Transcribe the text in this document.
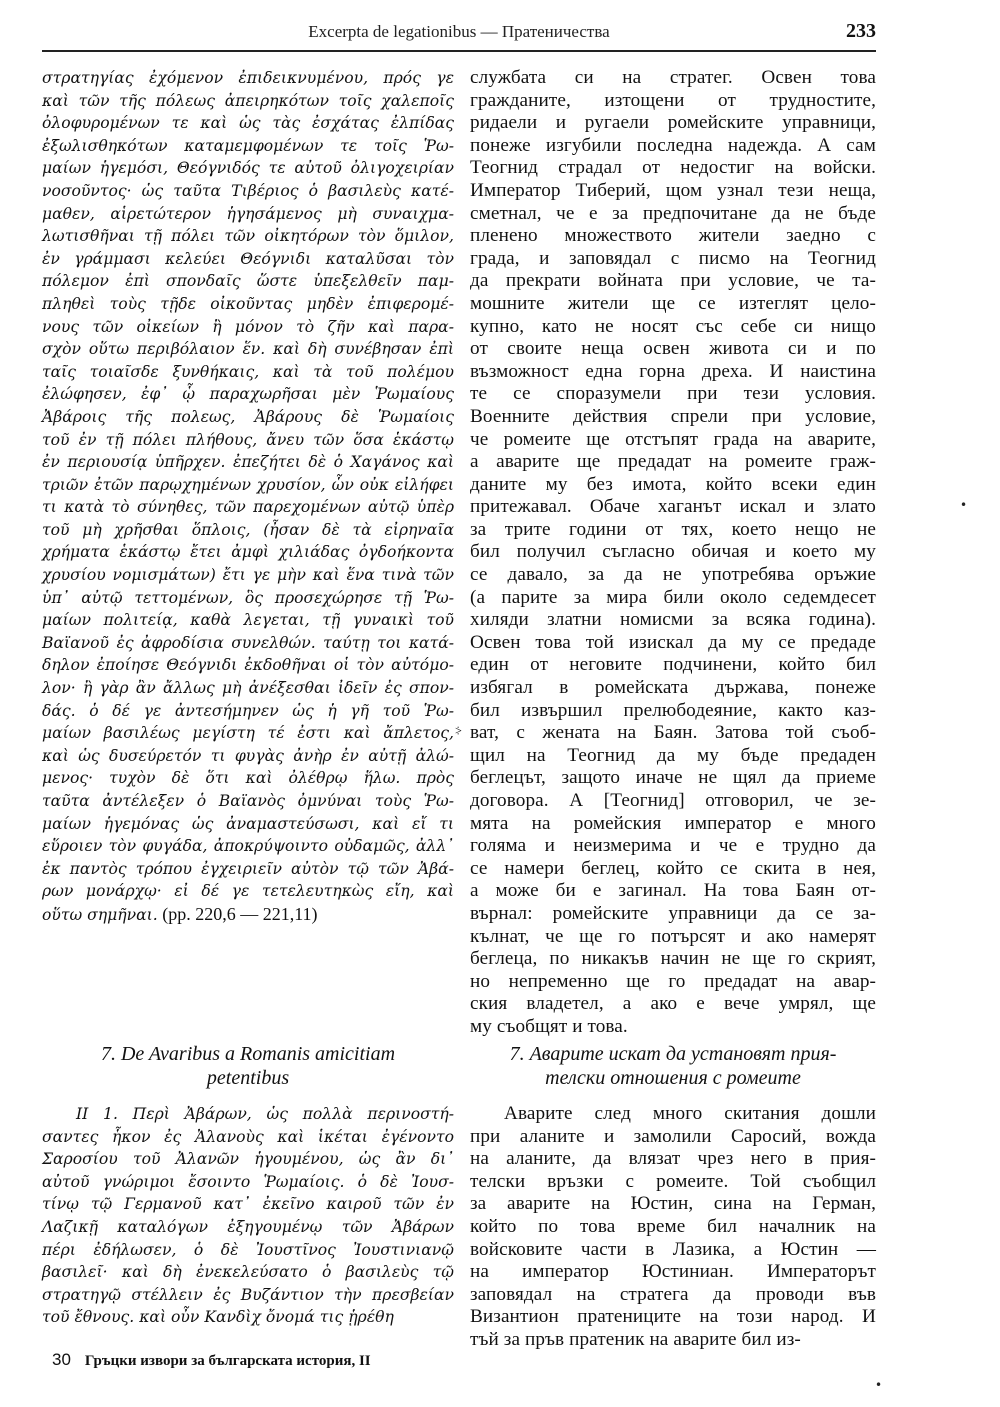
Excerpta de legationibus — Пратеничества	233

στρατηγίας ἐχόμενον ἐπιδεικνυμένου, πρός γε
καὶ τῶν τῆς πόλεως ἀπειρηκότων τοῖς χαλεποῖς
ὀλοφυρομένων τε καὶ ὡς τὰς ἐσχάτας ἐλπίδας
ἐξωλισθηκότων καταμεμφομένων τε τοῖς Ῥω-
μαίων ἡγεμόσι, Θεόγνιδός τε αὐτοῦ ὀλιγοχειρίαν
νοσοῦντος· ὡς ταῦτα Τιβέριος ὁ βασιλεὺς κατέ-
μαθεν, αἱρετώτερον ἡγησάμενος μὴ συναιχμα-
λωτισθῆναι τῇ πόλει τῶν οἰκητόρων τὸν ὅμιλον,
ἐν γράμμασι κελεύει Θεόγνιδι καταλῦσαι τὸν
πόλεμον ἐπὶ σπονδαῖς ὥστε ὑπεξελθεῖν παμ-
πληθεὶ τοὺς τῇδε οἰκοῦντας μηδὲν ἐπιφερομέ-
νους τῶν οἰκείων ἢ μόνον τὸ ζῆν καὶ παρα-
σχὸν οὕτω περιβόλαιον ἕν. καὶ δὴ συνέβησαν ἐπὶ
ταῖς τοιαῖσδε ξυνθήκαις, καὶ τὰ τοῦ πολέμου
ἐλώφησεν, ἐφ᾽ ᾧ παραχωρῆσαι μὲν Ῥωμαίους
Ἀβάροις τῆς πολεως, Ἀβάρους δὲ Ῥωμαίοις
τοῦ ἐν τῇ πόλει πλήθους, ἄνευ τῶν ὅσα ἑκάστῳ
ἐν περιουσίᾳ ὑπῆρχεν. ἐπεζήτει δὲ ὁ Χαγάνος καὶ
τριῶν ἐτῶν παρῳχημένων χρυσίον, ὧν οὐκ εἰλήφει
τι κατὰ τὸ σύνηθες, τῶν παρεχομένων αὐτῷ ὑπὲρ
τοῦ μὴ χρῆσθαι ὅπλοις, (ἦσαν δὲ τὰ εἰρηναῖα
χρήματα ἑκάστῳ ἔτει ἀμφὶ χιλιάδας ὀγδοήκοντα
χρυσίου νομισμάτων) ἔτι γε μὴν καὶ ἕνα τινὰ τῶν
ὑπ᾽ αὐτῷ τεττομένων, ὃς προσεχώρησε τῇ Ῥω-
μαίων πολιτείᾳ, καθὰ λεγεται, τῇ γυναικὶ τοῦ
Βαϊανοῦ ἐς ἀφροδίσια συνελθών. ταύτῃ τοι κατά-
δηλον ἐποίησε Θεόγνιδι ἐκδοθῆναι οἱ τὸν αὐτόμο-
λον· ἢ γὰρ ἂν ἄλλως μὴ ἀνέξεσθαι ἰδεῖν ἐς σπον-
δάς. ὁ δέ γε ἀντεσήμηνεν ὡς ἡ γῆ τοῦ Ῥω-
μαίων βασιλέως μεγίστη τέ ἐστι καὶ ἄπλετος,
καὶ ὡς δυσεύρετόν τι φυγὰς ἀνὴρ ἐν αὐτῇ ἀλώ-
μενος· τυχὸν δὲ ὅτι καὶ ὀλέθρῳ ἥλω. πρὸς
ταῦτα ἀντέλεξεν ὁ Βαϊανὸς ὀμνύναι τοὺς Ῥω-
μαίων ἡγεμόνας ὡς ἀναμαστεύσωσι, καὶ εἴ τι
εὕροιεν τὸν φυγάδα, ἀποκρύψοιντο οὐδαμῶς, ἀλλ᾽
ἐκ παντὸς τρόπου ἐγχειριεῖν αὐτὸν τῷ τῶν Ἀβά-
ρων μονάρχῳ· εἰ δέ γε τετελευτηκὼς εἴη, καὶ
οὕτω σημῆναι. (pp. 220,6 — 221,11)

службата си на стратег. Освен това
гражданите, изтощени от трудностите,
ридаели и ругаели ромейските управници,
понеже изгубили последна надежда. А сам
Теогнид страдал от недостиг на войски.
Император Тиберий, щом узнал тези неща,
сметнал, че е за предпочитане да не бъде
пленено множеството жители заедно с
града, и заповядал с писмо на Теогнид
да прекрати войната при условие, че та-
мошните жители ще се изтеглят цело-
купно, като не носят със себе си нищо
от своите неща освен живота си и по
възможност една горна дреха. И наистина
те се споразумели при тези условия.
Военните действия спрели при условие,
че ромеите ще отстъпят града на аварите,
а аварите ще предадат на ромеите граж-
даните му без имота, който всеки един
притежавал. Обаче хаганът искал и злато
за трите години от тях, което нещо не
бил получил съгласно обичая и което му
се давало, за да не употребява оръжие
(а парите за мира били около седемдесет
хиляди златни номисми за всяка година).
Освен това той изискал да му се предаде
един от неговите подчинени, който бил
избягал в ромейската държава, понеже
бил извършил прелюбодеяние, както каз-
ват, с жената на Баян. Затова той съоб-
щил на Теогнид да му бъде предаден
беглецът, защото иначе не щял да приеме
договора. А [Теогнид] отговорил, че зе-
мята на ромейския император е много
голяма и неизмерима и че е трудно да
се намери беглец, който се скита в нея,
а може би е загинал. На това Баян от-
върнал: ромейските управници да се за-
кълнат, че ще го потърсят и ако намерят
беглеца, по никакъв начин не ще го скрият,
но непременно ще го предадат на авар-
ския владетел, а ако е вече умрял, ще
му съобщят и това.

⸖
•
•
7. De Avaribus a Romanis amicitiam
petentibus
7. Аварите искат да установят прия-
телски отношения с ромеите

II 1. Περὶ Ἀβάρων, ὡς πολλὰ περινοστή-
σαντες ἧκον ἐς Ἀλανοὺς καὶ ἱκέται ἐγένοντο
Σαροσίου τοῦ Ἀλανῶν ἡγουμένου, ὡς ἂν δι᾽
αὐτοῦ γνώριμοι ἔσοιντο Ῥωμαίοις. ὁ δὲ Ἰουσ-
τίνῳ τῷ Γερμανοῦ κατ᾽ ἐκεῖνο καιροῦ τῶν ἐν
Λαζικῇ καταλόγων ἐξηγουμένῳ τῶν Ἀβάρων
πέρι ἐδήλωσεν, ὁ δὲ Ἰουστῖνος Ἰουστινιανῷ
βασιλεῖ· καὶ δὴ ἐνεκελεύσατο ὁ βασιλεὺς τῷ
στρατηγῷ στέλλειν ἐς Βυζάντιον τὴν πρεσβείαν
τοῦ ἔθνους. καὶ οὖν Κανδὶχ ὄνομά τις ᾑρέθη

Аварите след много скитания дошли
при аланите и замолили Саросий, вожда
на аланите, да влязат чрез него в прия-
телски връзки с ромеите. Той съобщил
за аварите на Юстин, сина на Герман,
който по това време бил началник на
войсковите части в Лазика, а Юстин —
на император Юстиниан. Императорът
заповядал на стратега да проводи във
Византион пратениците на този народ. И
тъй за пръв пратеник на аварите бил из-

30 Гръцки извори за българската история, II
